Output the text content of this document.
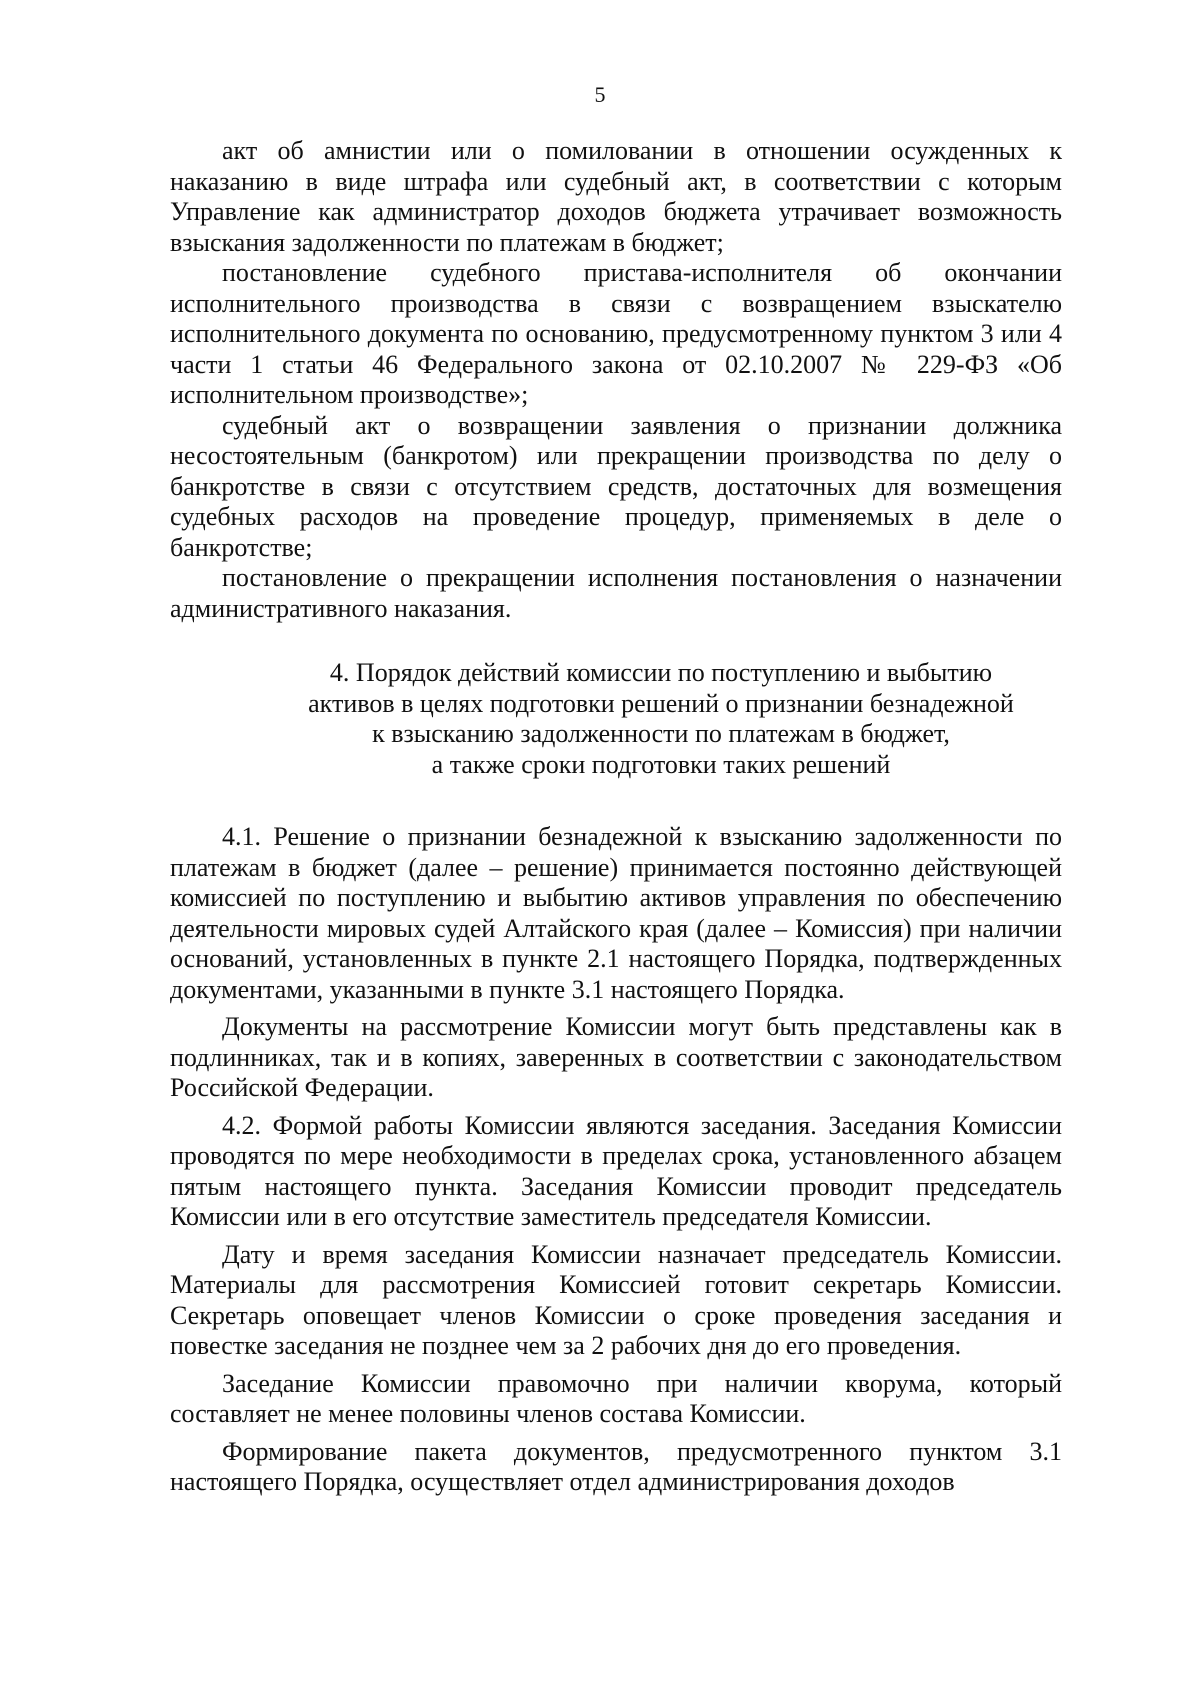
5

акт об амнистии или о помиловании в отношении осужденных к наказанию в виде штрафа или судебный акт, в соответствии с которым Управление как администратор доходов бюджета утрачивает возможность взыскания задолженности по платежам в бюджет;

постановление судебного пристава-исполнителя об окончании исполнительного производства в связи с возвращением взыскателю исполнительного документа по основанию, предусмотренному пунктом 3 или 4 части 1 статьи 46 Федерального закона от 02.10.2007 № 229-ФЗ «Об исполнительном производстве»;

судебный акт о возвращении заявления о признании должника несостоятельным (банкротом) или прекращении производства по делу о банкротстве в связи с отсутствием средств, достаточных для возмещения судебных расходов на проведение процедур, применяемых в деле о банкротстве;

постановление о прекращении исполнения постановления о назначении административного наказания.

4. Порядок действий комиссии по поступлению и выбытию
активов в целях подготовки решений о признании безнадежной
к взысканию задолженности по платежам в бюджет,
а также сроки подготовки таких решений

4.1. Решение о признании безнадежной к взысканию задолженности по платежам в бюджет (далее – решение) принимается постоянно действующей комиссией по поступлению и выбытию активов управления по обеспечению деятельности мировых судей Алтайского края (далее – Комиссия) при наличии оснований, установленных в пункте 2.1 настоящего Порядка, подтвержденных документами, указанными в пункте 3.1 настоящего Порядка.

Документы на рассмотрение Комиссии могут быть представлены как в подлинниках, так и в копиях, заверенных в соответствии с законодательством Российской Федерации.

4.2. Формой работы Комиссии являются заседания. Заседания Комиссии проводятся по мере необходимости в пределах срока, установленного абзацем пятым настоящего пункта. Заседания Комиссии проводит председатель Комиссии или в его отсутствие заместитель председателя Комиссии.

Дату и время заседания Комиссии назначает председатель Комиссии. Материалы для рассмотрения Комиссией готовит секретарь Комиссии. Секретарь оповещает членов Комиссии о сроке проведения заседания и повестке заседания не позднее чем за 2 рабочих дня до его проведения.

Заседание Комиссии правомочно при наличии кворума, который составляет не менее половины членов состава Комиссии.

Формирование пакета документов, предусмотренного пунктом 3.1 настоящего Порядка, осуществляет отдел администрирования доходов
